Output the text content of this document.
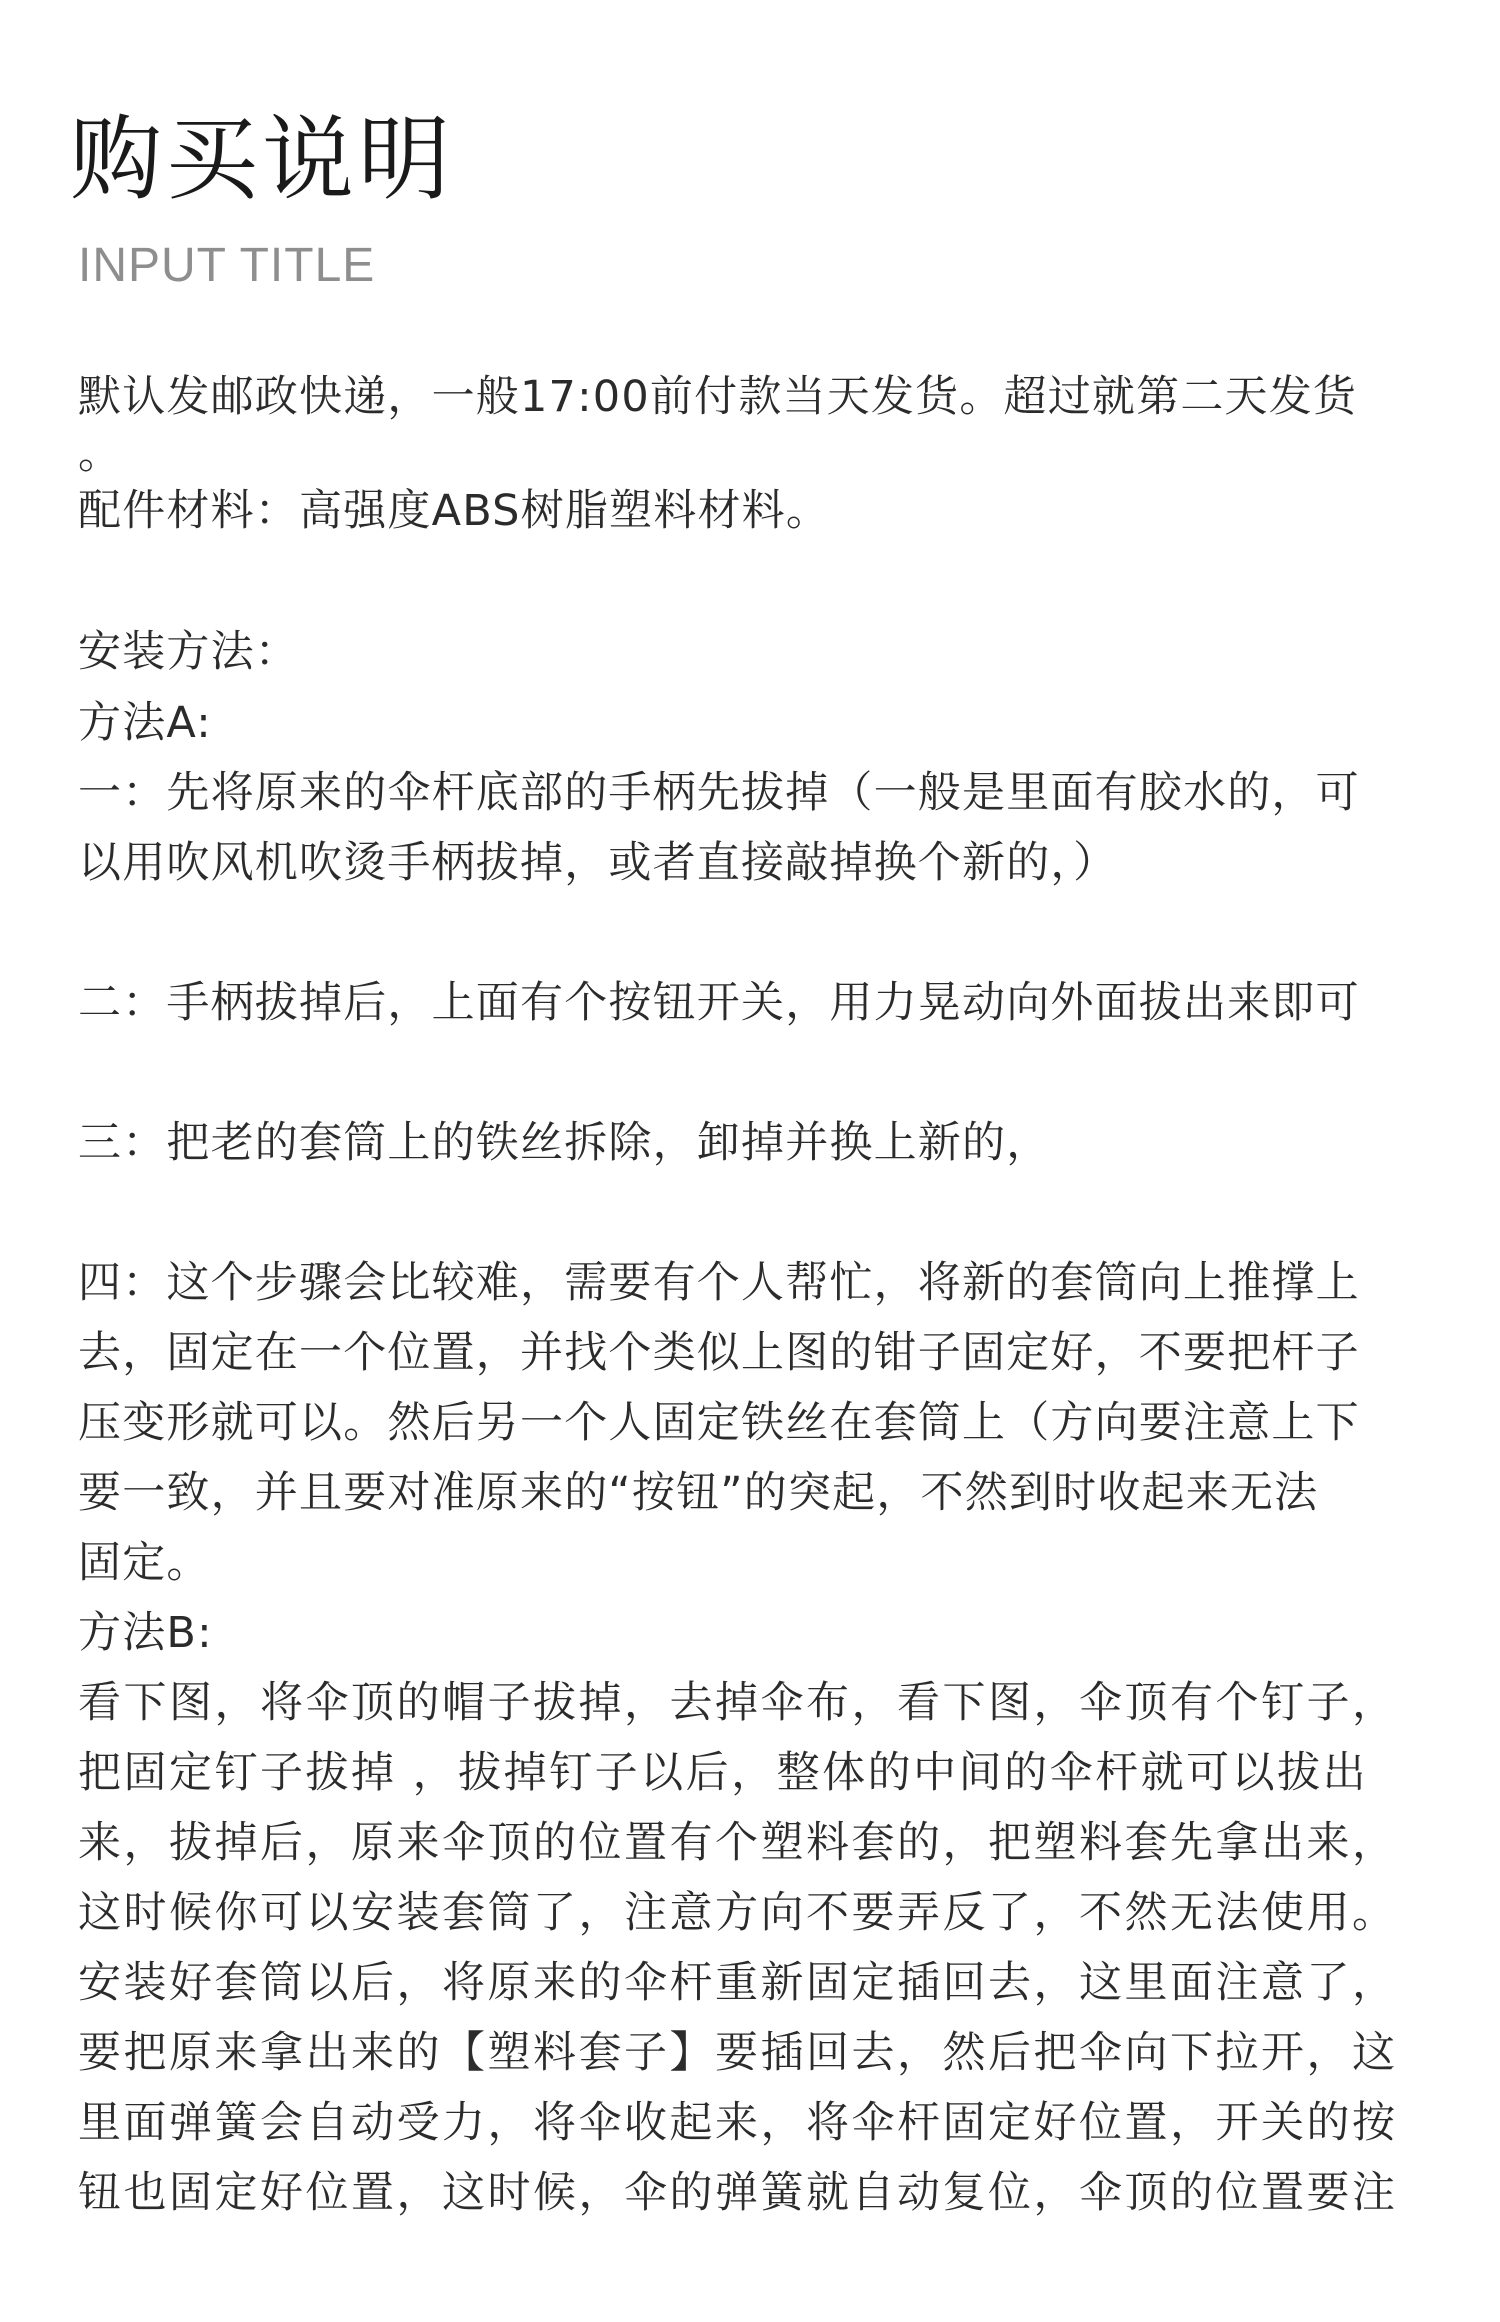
购买说明
INPUT TITLE
默认发邮政快递，一般17:00前付款当天发货。超过就第二天发货
。
配件材料：高强度ABS树脂塑料材料。
安装方法：
方法A:
一：先将原来的伞杆底部的手柄先拔掉（一般是里面有胶水的，可
以用吹风机吹烫手柄拔掉，或者直接敲掉换个新的，）
二：手柄拔掉后，上面有个按钮开关，用力晃动向外面拔出来即可
三：把老的套筒上的铁丝拆除，卸掉并换上新的，
四：这个步骤会比较难，需要有个人帮忙，将新的套筒向上推撑上
去，固定在一个位置，并找个类似上图的钳子固定好，不要把杆子
压变形就可以。然后另一个人固定铁丝在套筒上（方向要注意上下
要一致，并且要对准原来的“按钮”的突起，不然到时收起来无法
固定。
方法B:
看下图，将伞顶的帽子拔掉，去掉伞布，看下图，伞顶有个钉子，
把固定钉子拔掉 ，拔掉钉子以后，整体的中间的伞杆就可以拔出
来，拔掉后，原来伞顶的位置有个塑料套的，把塑料套先拿出来，
这时候你可以安装套筒了，注意方向不要弄反了，不然无法使用。
安装好套筒以后，将原来的伞杆重新固定插回去，这里面注意了，
要把原来拿出来的【塑料套子】要插回去，然后把伞向下拉开，这
里面弹簧会自动受力，将伞收起来，将伞杆固定好位置，开关的按
钮也固定好位置，这时候，伞的弹簧就自动复位，伞顶的位置要注
